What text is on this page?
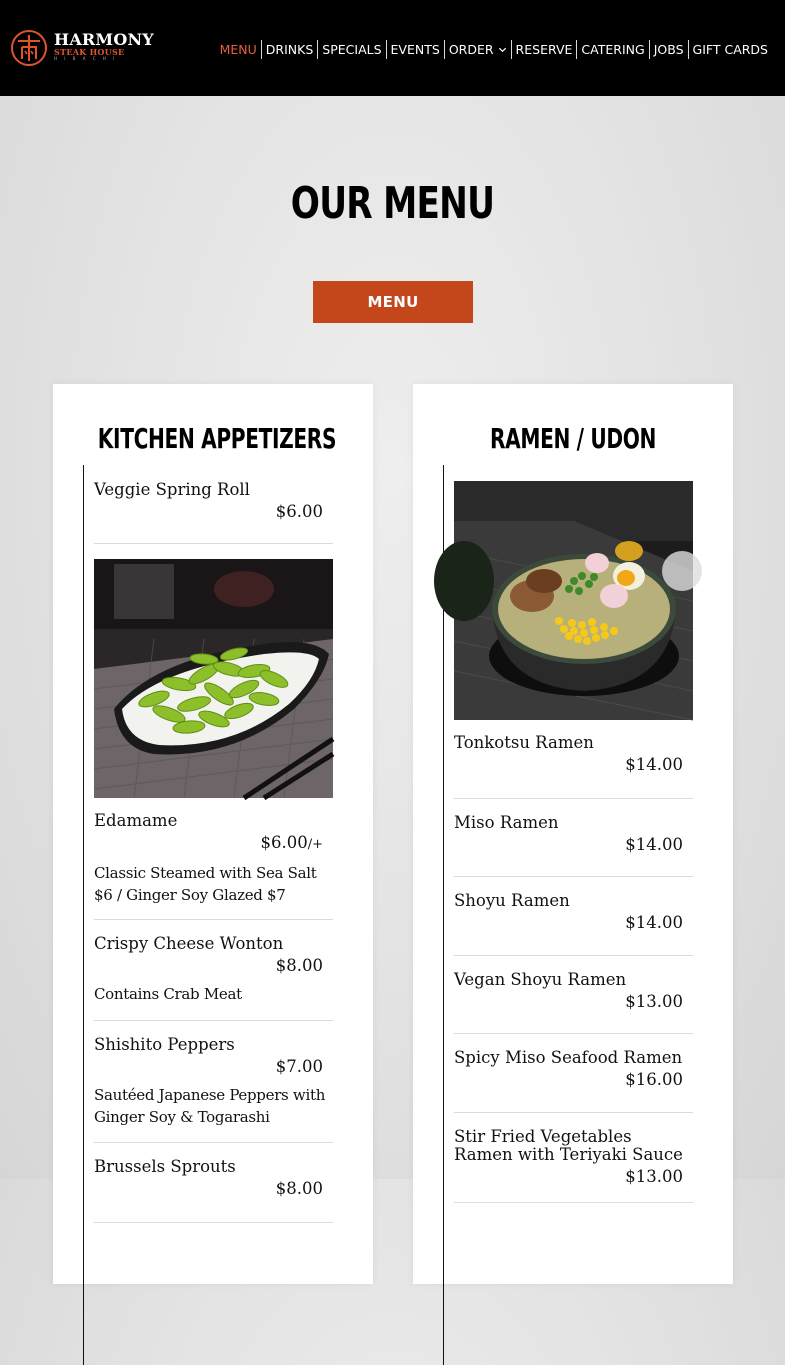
HARMONY
STEAK HOUSE
H I B A C H I
MENU DRINKS SPECIALS EVENTS ORDER RESERVE CATERING JOBS GIFT CARDS
OUR MENU
MENU
KITCHEN APPETIZERS
Veggie Spring Roll
$6.00
Edamame
$6.00/+
Classic Steamed with Sea Salt $6 / Ginger Soy Glazed $7
Crispy Cheese Wonton
$8.00
Contains Crab Meat
Shishito Peppers
$7.00
Sautéed Japanese Peppers with Ginger Soy & Togarashi
Brussels Sprouts
$8.00
RAMEN / UDON
Tonkotsu Ramen
$14.00
Miso Ramen
$14.00
Shoyu Ramen
$14.00
Vegan Shoyu Ramen
$13.00
Spicy Miso Seafood Ramen
$16.00
Stir Fried Vegetables Ramen with Teriyaki Sauce
$13.00
